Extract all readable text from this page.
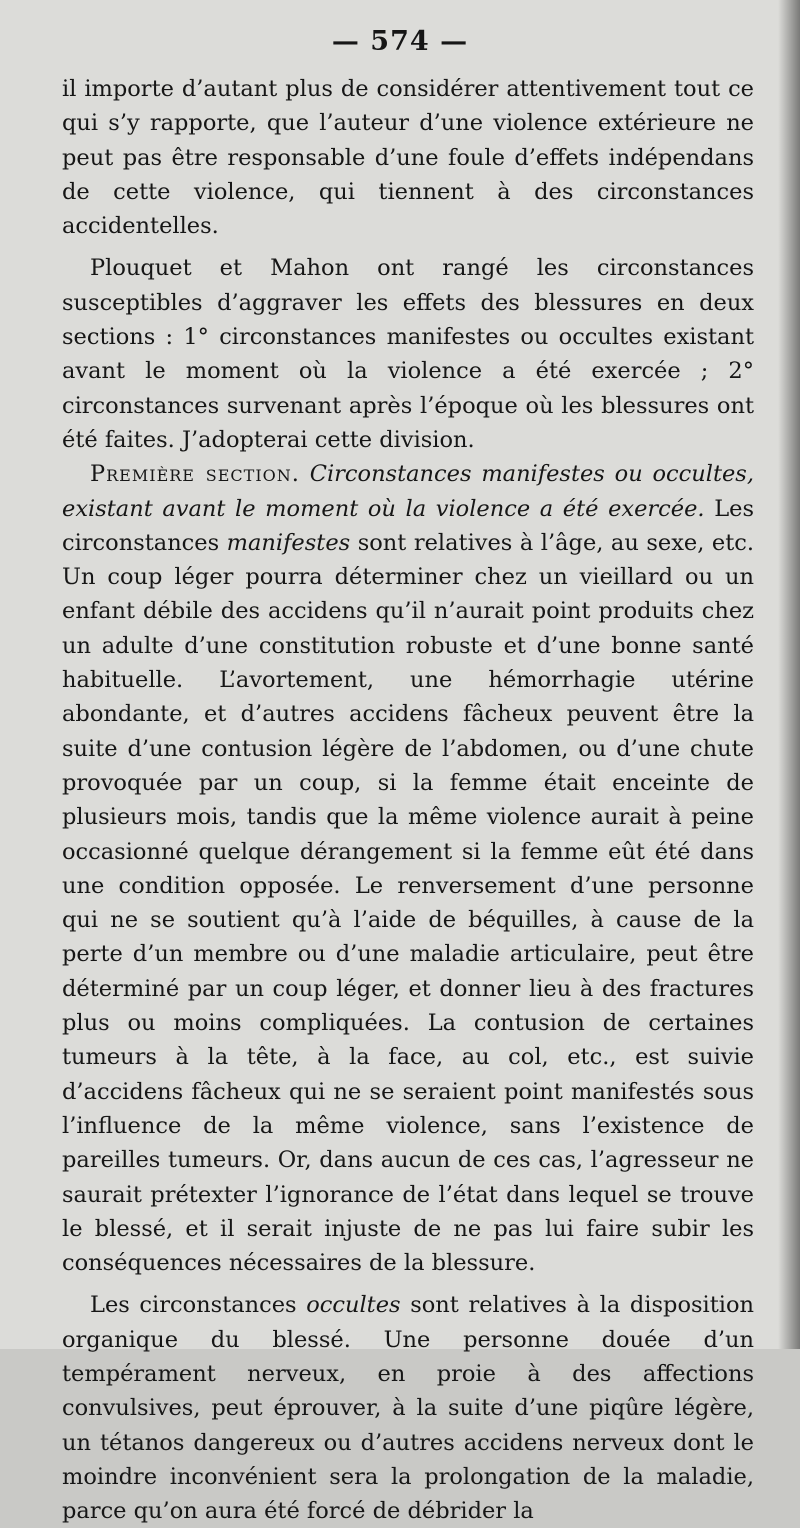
— 574 —

il importe d’autant plus de considérer attentivement tout ce qui s’y rapporte, que l’auteur d’une violence extérieure ne peut pas être responsable d’une foule d’effets indépendans de cette violence, qui tiennent à des circonstances accidentelles.

Plouquet et Mahon ont rangé les circonstances susceptibles d’aggraver les effets des blessures en deux sections : 1° circonstances manifestes ou occultes existant avant le moment où la violence a été exercée ; 2° circonstances survenant après l’époque où les blessures ont été faites. J’adopterai cette division.

Première section. Circonstances manifestes ou occultes, existant avant le moment où la violence a été exercée. Les circonstances manifestes sont relatives à l’âge, au sexe, etc. Un coup léger pourra déterminer chez un vieillard ou un enfant débile des accidens qu’il n’aurait point produits chez un adulte d’une constitution robuste et d’une bonne santé habituelle. L’avortement, une hémorrhagie utérine abondante, et d’autres accidens fâcheux peuvent être la suite d’une contusion légère de l’abdomen, ou d’une chute provoquée par un coup, si la femme était enceinte de plusieurs mois, tandis que la même violence aurait à peine occasionné quelque dérangement si la femme eût été dans une condition opposée. Le renversement d’une personne qui ne se soutient qu’à l’aide de béquilles, à cause de la perte d’un membre ou d’une maladie articulaire, peut être déterminé par un coup léger, et donner lieu à des fractures plus ou moins compliquées. La contusion de certaines tumeurs à la tête, à la face, au col, etc., est suivie d’accidens fâcheux qui ne se seraient point manifestés sous l’influence de la même violence, sans l’existence de pareilles tumeurs. Or, dans aucun de ces cas, l’agresseur ne saurait prétexter l’ignorance de l’état dans lequel se trouve le blessé, et il serait injuste de ne pas lui faire subir les conséquences nécessaires de la blessure.

Les circonstances occultes sont relatives à la disposition organique du blessé. Une personne douée d’un tempérament nerveux, en proie à des affections convulsives, peut éprouver, à la suite d’une piqûre légère, un tétanos dangereux ou d’autres accidens nerveux dont le moindre inconvénient sera la prolongation de la maladie, parce qu’on aura été forcé de débrider la
